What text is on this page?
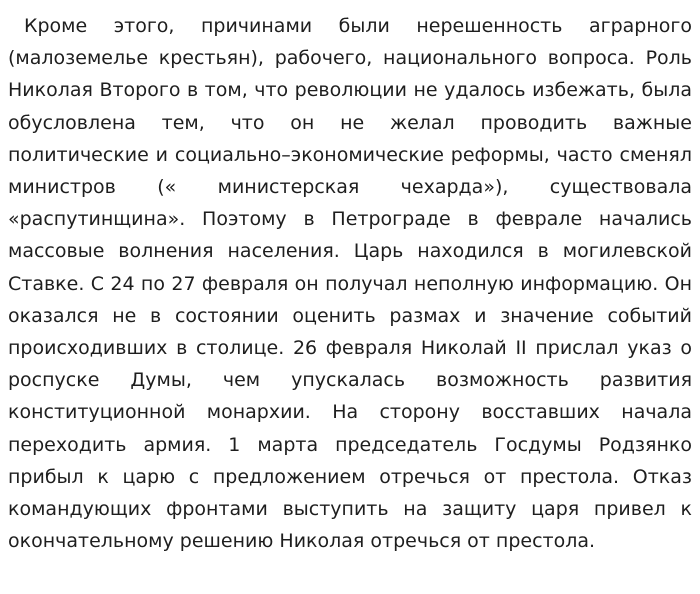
Кроме этого, причинами были нерешенность аграрного (малоземелье крестьян), рабочего, национального вопроса. Роль Николая Второго в том, что революции не удалось избежать, была обусловлена тем, что он не желал проводить важные политические и социально–экономические реформы, часто сменял министров (« министерская чехарда»), существовала «распутинщина». Поэтому в Петрограде в феврале начались массовые волнения населения. Царь находился в могилевской Ставке. С 24 по 27 февраля он получал неполную информацию. Он оказался не в состоянии оценить размах и значение событий происходивших в столице. 26 февраля Николай II прислал указ о роспуске Думы, чем упускалась возможность развития конституционной монархии. На сторону восставших начала переходить армия. 1 марта председатель Госдумы Родзянко прибыл к царю с предложением отречься от престола. Отказ командующих фронтами выступить на защиту царя привел к окончательному решению Николая отречься от престола.
